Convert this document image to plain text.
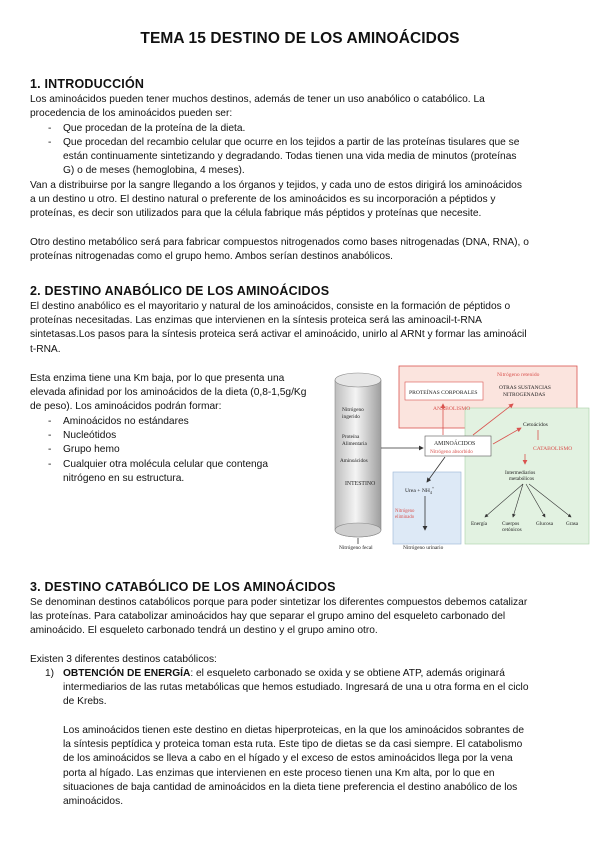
TEMA 15 DESTINO DE LOS AMINOÁCIDOS
1. INTRODUCCIÓN
Los aminoácidos pueden tener muchos destinos, además de tener un uso anabólico o catabólico. La
procedencia de los aminoácidos pueden ser:
- Que procedan de la proteína de la dieta.
- Que procedan del recambio celular que ocurre en los tejidos a partir de las proteínas tisulares que se
están continuamente sintetizando y degradando. Todas tienen una vida media de minutos (proteínas
G) o de meses (hemoglobina, 4 meses).
Van a distribuirse por la sangre llegando a los órganos y tejidos, y cada uno de estos dirigirá los aminoácidos
a un destino u otro. El destino natural o preferente de los aminoácidos es su incorporación a péptidos y
proteínas, es decir son utilizados para que la célula fabrique más péptidos y proteínas que necesite.
Otro destino metabólico será para fabricar compuestos nitrogenados como bases nitrogenadas (DNA, RNA), o
proteínas nitrogenadas como el grupo hemo. Ambos serían destinos anabólicos.
2. DESTINO ANABÓLICO DE LOS AMINOÁCIDOS
El destino anabólico es el mayoritario y natural de los aminoácidos, consiste en la formación de péptidos o
proteínas necesitadas. Las enzimas que intervienen en la síntesis proteica será las aminoacil-t-RNA
sintetasas.Los pasos para la síntesis proteica será activar el aminoácido, unirlo al ARNt y formar las aminoácil
t-RNA.
Esta enzima tiene una Km baja, por lo que presenta una
elevada afinidad por los aminoácidos de la dieta (0,8-1,5g/Kg
de peso). Los aminoácidos podrán formar:
- Aminoácidos no estándares
- Nucleótidos
- Grupo hemo
- Cualquier otra molécula celular que contenga
nitrógeno en su estructura.
Nitrógeno ingerido
Proteína Alimentaria
Aminoácidos
INTESTINO
Nitrógeno retenido
PROTEÍNAS CORPORALES
OTRAS SUSTANCIAS NITROGENADAS
ANABOLISMO
AMINOÁCIDOS
Nitrógeno absorbido
Cetoácidos
CATABOLISMO
Intermediarios metabólicos
Energía	Cuerpos
cetónicos
Glucosa	Grasa
Urea + $NH_4^+$
Nitrógeno eliminado
Nitrógeno fecal	Nitrógeno urinario
3. DESTINO CATABÓLICO DE LOS AMINOÁCIDOS
Se denominan destinos catabólicos porque para poder sintetizar los diferentes compuestos debemos catalizar
las proteínas. Para catabolizar aminoácidos hay que separar el grupo amino del esqueleto carbonado del
aminoácido. El esqueleto carbonado tendrá un destino y el grupo amino otro.
Existen 3 diferentes destinos catabólicos:
1) OBTENCIÓN DE ENERGÍA: el esqueleto carbonado se oxida y se obtiene ATP, además originará
intermediarios de las rutas metabólicas que hemos estudiado. Ingresará de una u otra forma en el ciclo
de Krebs.
Los aminoácidos tienen este destino en dietas hiperproteicas, en la que los aminoácidos sobrantes de
la síntesis peptídica y proteica toman esta ruta. Este tipo de dietas se da casi siempre. El catabolismo
de los aminoácidos se lleva a cabo en el hígado y el exceso de estos aminoácidos llega por la vena
porta al hígado. Las enzimas que intervienen en este proceso tienen una Km alta, por lo que en
situaciones de baja cantidad de aminoácidos en la dieta tiene preferencia el destino anabólico de los
aminoácidos.
